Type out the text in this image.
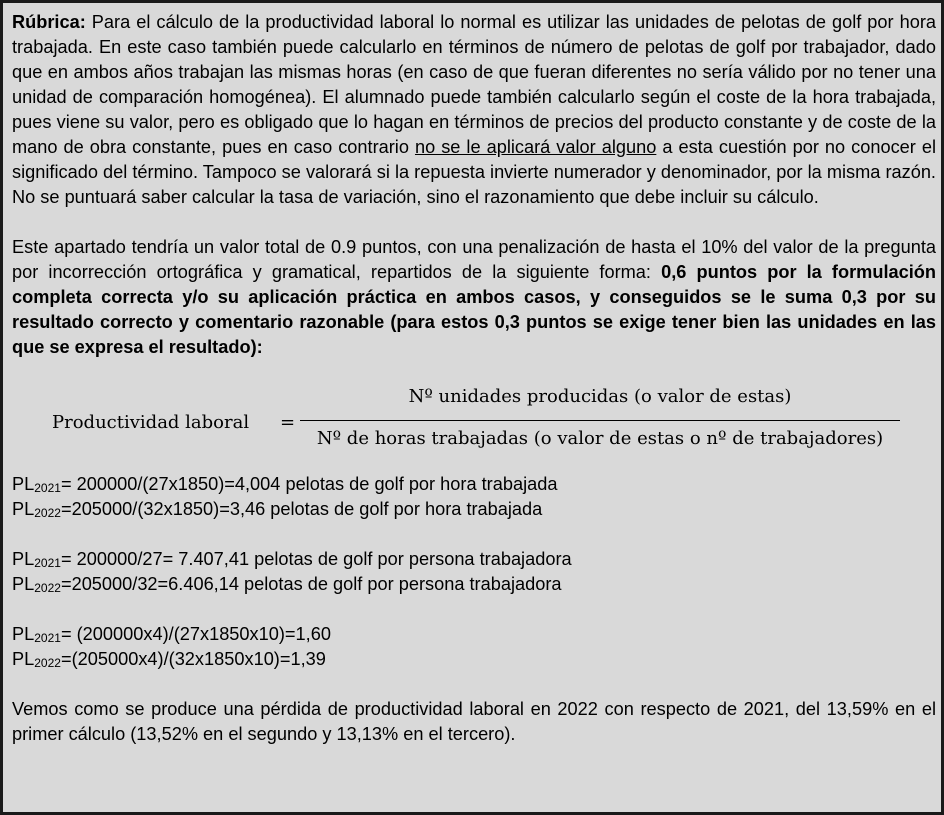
Rúbrica: Para el cálculo de la productividad laboral lo normal es utilizar las unidades de pelotas de golf por hora trabajada. En este caso también puede calcularlo en términos de número de pelotas de golf por trabajador, dado que en ambos años trabajan las mismas horas (en caso de que fueran diferentes no sería válido por no tener una unidad de comparación homogénea). El alumnado puede también calcularlo según el coste de la hora trabajada, pues viene su valor, pero es obligado que lo hagan en términos de precios del producto constante y de coste de la mano de obra constante, pues en caso contrario no se le aplicará valor alguno a esta cuestión por no conocer el significado del término. Tampoco se valorará si la repuesta invierte numerador y denominador, por la misma razón. No se puntuará saber calcular la tasa de variación, sino el razonamiento que debe incluir su cálculo.

Este apartado tendría un valor total de 0.9 puntos, con una penalización de hasta el 10% del valor de la pregunta por incorrección ortográfica y gramatical, repartidos de la siguiente forma: 0,6 puntos por la formulación completa correcta y/o su aplicación práctica en ambos casos, y conseguidos se le suma 0,3 por su resultado correcto y comentario razonable (para estos 0,3 puntos se exige tener bien las unidades en las que se expresa el resultado):

Productividad laboral =
Nº unidades producidas (o valor de estas)
Nº de horas trabajadas (o valor de estas o nº de trabajadores)
$PL_{2021}= 200000/(27x1850)=4,004$ pelotas de golf por hora trabajada
$PL_{2022}=205000/(32x1850)=3,46$ pelotas de golf por hora trabajada
$PL_{2021}= 200000/27= 7.407,41$ pelotas de golf por persona trabajadora
$PL_{2022}=205000/32=6.406,14$ pelotas de golf por persona trabajadora
$PL_{2021}= (200000x4)/(27x1850x10)=1,60$
$PL_{2022}=(205000x4)/(32x1850x10)=1,39$

Vemos como se produce una pérdida de productividad laboral en 2022 con respecto de 2021, del 13,59% en el primer cálculo (13,52% en el segundo y 13,13% en el tercero).
